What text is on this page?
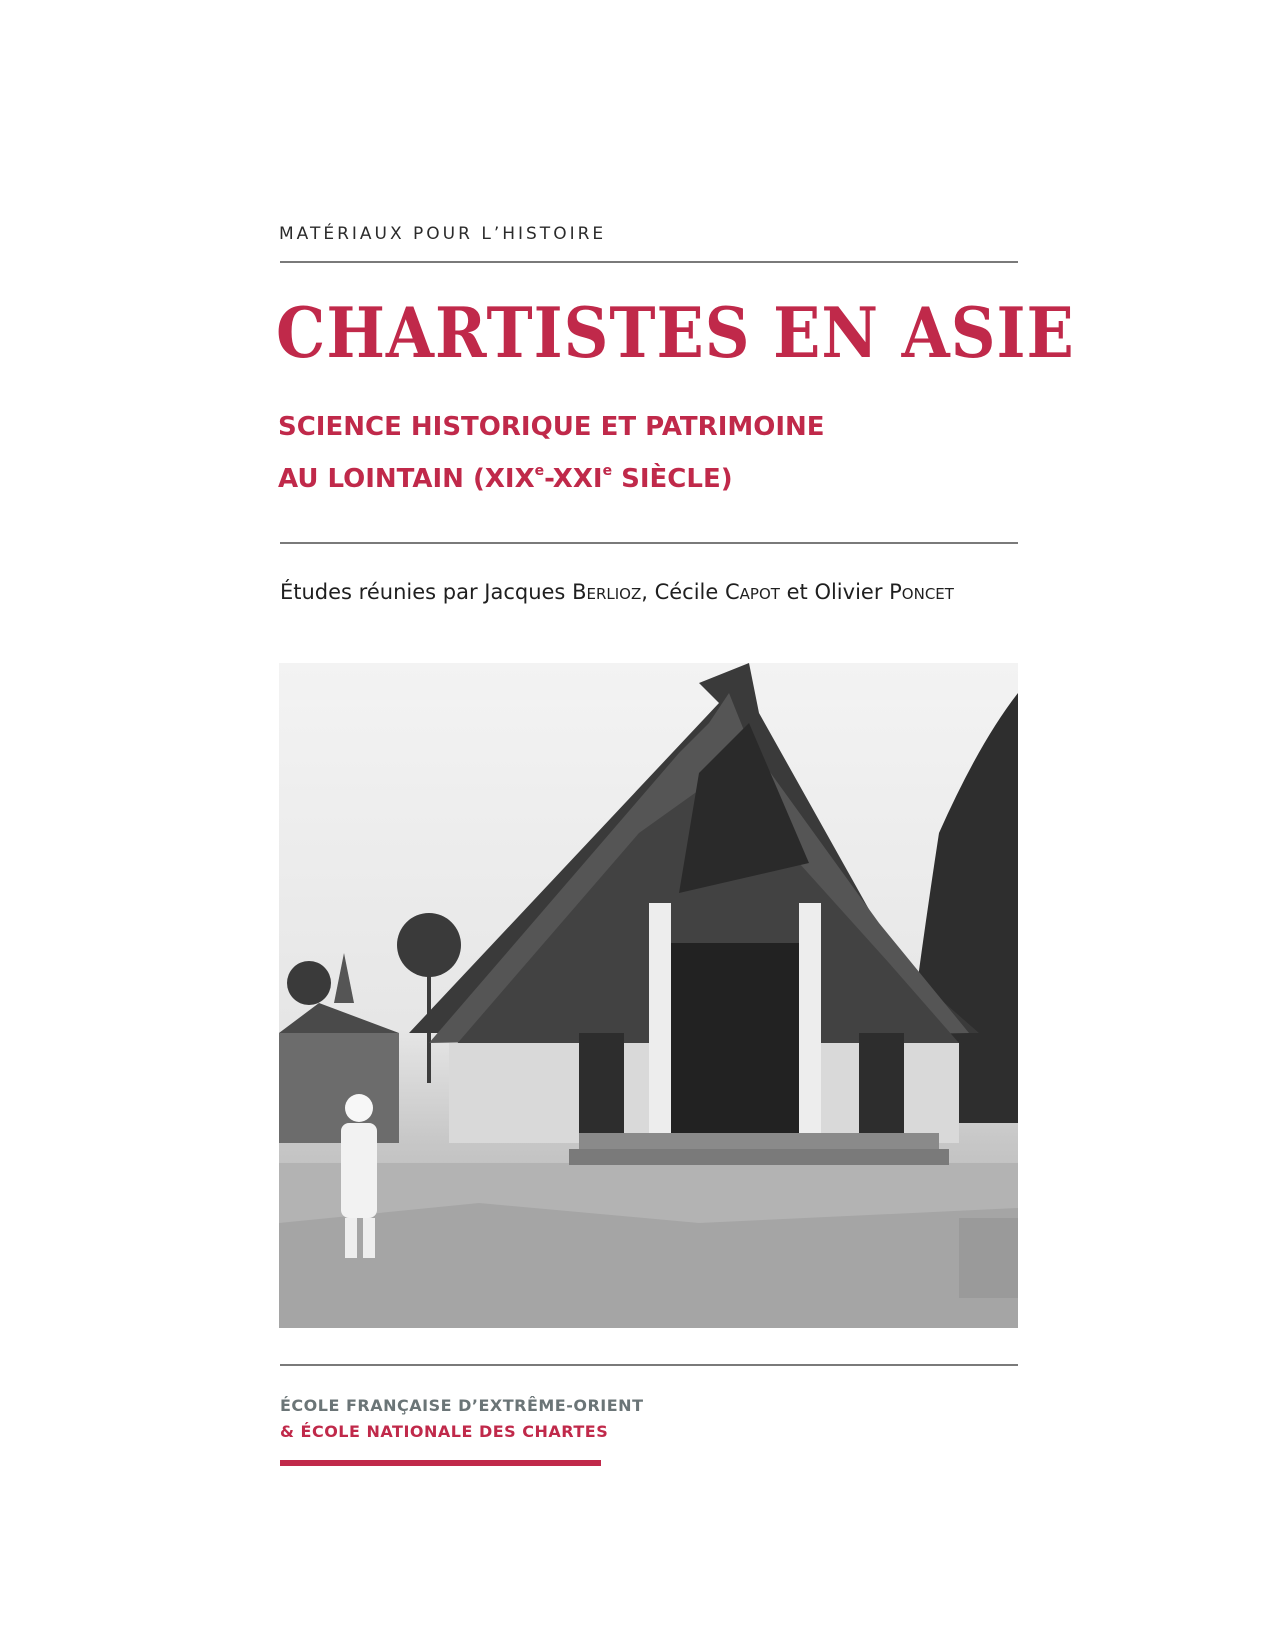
MATÉRIAUX POUR L’HISTOIRE
CHARTISTES EN ASIE
SCIENCE HISTORIQUE ET PATRIMOINE
AU LOINTAIN (XIXe-XXIe SIÈCLE)
Études réunies par Jacques Berlioz, Cécile Capot et Olivier Poncet
ÉCOLE FRANÇAISE D’EXTRÊME-ORIENT
& ÉCOLE NATIONALE DES CHARTES
